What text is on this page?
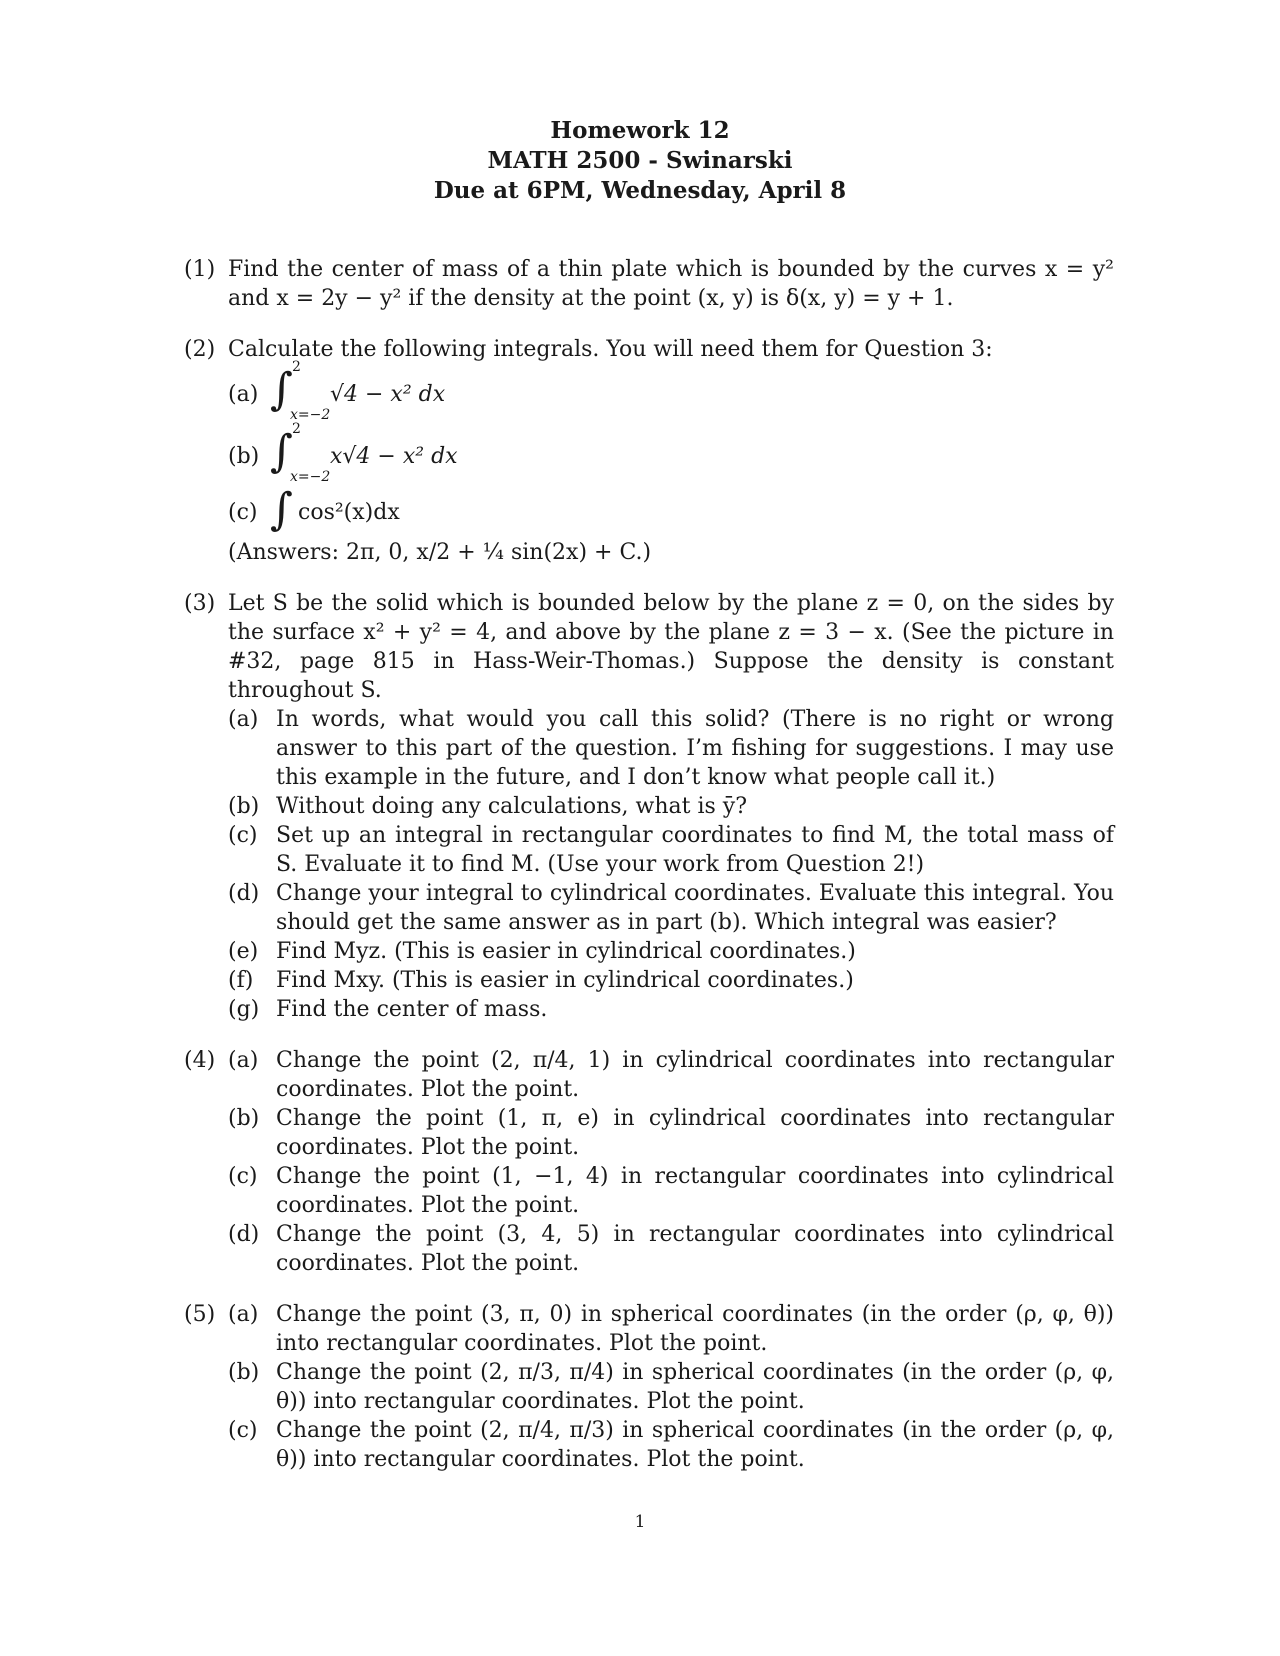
Homework 12
MATH 2500 - Swinarski
Due at 6PM, Wednesday, April 8
(1) Find the center of mass of a thin plate which is bounded by the curves x = y² and x = 2y − y² if the density at the point (x, y) is δ(x, y) = y + 1.
(2) Calculate the following integrals. You will need them for Question 3:
(a) ∫ 2
x=−2
√4 − x² dx
(b) ∫ 2
x=−2
x√4 − x² dx
(c) ∫ cos²(x)dx
(Answers: 2π, 0, x/2 + ¼ sin(2x) + C.)
(3) Let S be the solid which is bounded below by the plane z = 0, on the sides by the surface x² + y² = 4, and above by the plane z = 3 − x. (See the picture in #32, page 815 in Hass-Weir-Thomas.) Suppose the density is constant throughout S.
(a) In words, what would you call this solid? (There is no right or wrong answer to this part of the question. I’m fishing for suggestions. I may use this example in the future, and I don’t know what people call it.)
(b) Without doing any calculations, what is ȳ?
(c) Set up an integral in rectangular coordinates to find M, the total mass of S. Evaluate it to find M. (Use your work from Question 2!)
(d) Change your integral to cylindrical coordinates. Evaluate this integral. You should get the same answer as in part (b). Which integral was easier?
(e) Find Myz. (This is easier in cylindrical coordinates.)
(f) Find Mxy. (This is easier in cylindrical coordinates.)
(g) Find the center of mass.
(4) (a) Change the point (2, π/4, 1) in cylindrical coordinates into rectangular coordinates. Plot the point.
(b) Change the point (1, π, e) in cylindrical coordinates into rectangular coordinates. Plot the point.
(c) Change the point (1, −1, 4) in rectangular coordinates into cylindrical coordinates. Plot the point.
(d) Change the point (3, 4, 5) in rectangular coordinates into cylindrical coordinates. Plot the point.
(5) (a) Change the point (3, π, 0) in spherical coordinates (in the order (ρ, φ, θ)) into rectangular coordinates. Plot the point.
(b) Change the point (2, π/3, π/4) in spherical coordinates (in the order (ρ, φ, θ)) into rectangular coordinates. Plot the point.
(c) Change the point (2, π/4, π/3) in spherical coordinates (in the order (ρ, φ, θ)) into rectangular coordinates. Plot the point.
1
